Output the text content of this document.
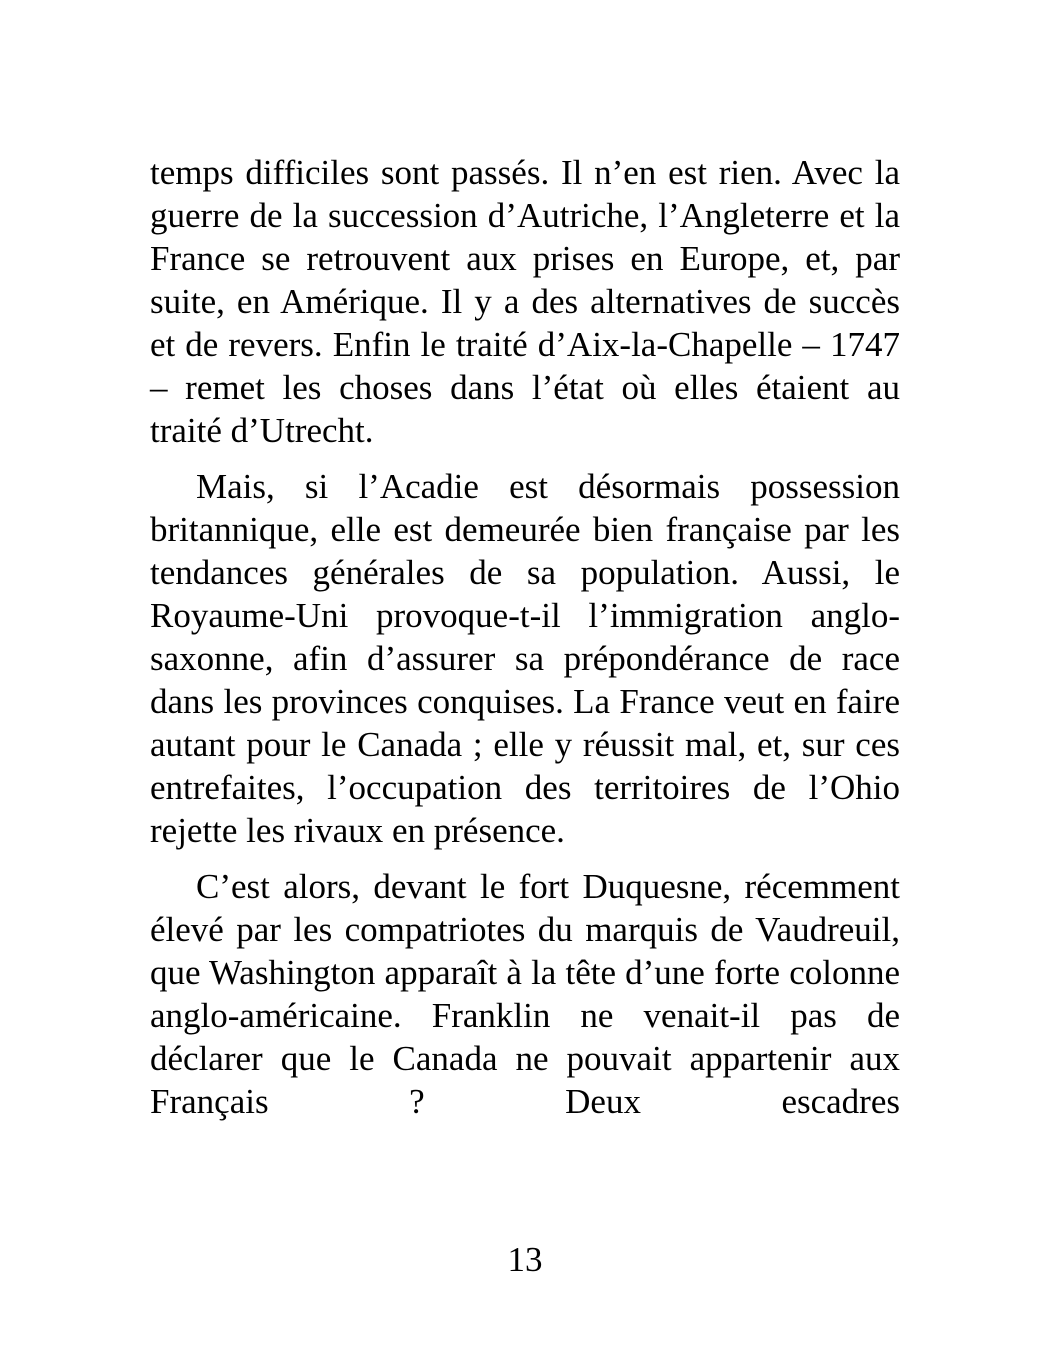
temps difficiles sont passés. Il n’en est rien. Avec la guerre de la succession d’Autriche, l’Angleterre et la France se retrouvent aux prises en Europe, et, par suite, en Amérique. Il y a des alternatives de succès et de revers. Enfin le traité d’Aix-la-Chapelle – 1747 – remet les choses dans l’état où elles étaient au traité d’Utrecht.

Mais, si l’Acadie est désormais possession britannique, elle est demeurée bien française par les tendances générales de sa population. Aussi, le Royaume-Uni provoque-t-il l’immigration anglo-saxonne, afin d’assurer sa prépondérance de race dans les provinces conquises. La France veut en faire autant pour le Canada ; elle y réussit mal, et, sur ces entrefaites, l’occupation des territoires de l’Ohio rejette les rivaux en présence.

C’est alors, devant le fort Duquesne, récemment élevé par les compatriotes du marquis de Vaudreuil, que Washington apparaît à la tête d’une forte colonne anglo-américaine. Franklin ne venait-il pas de déclarer que le Canada ne pouvait appartenir aux Français ? Deux escadres

13
